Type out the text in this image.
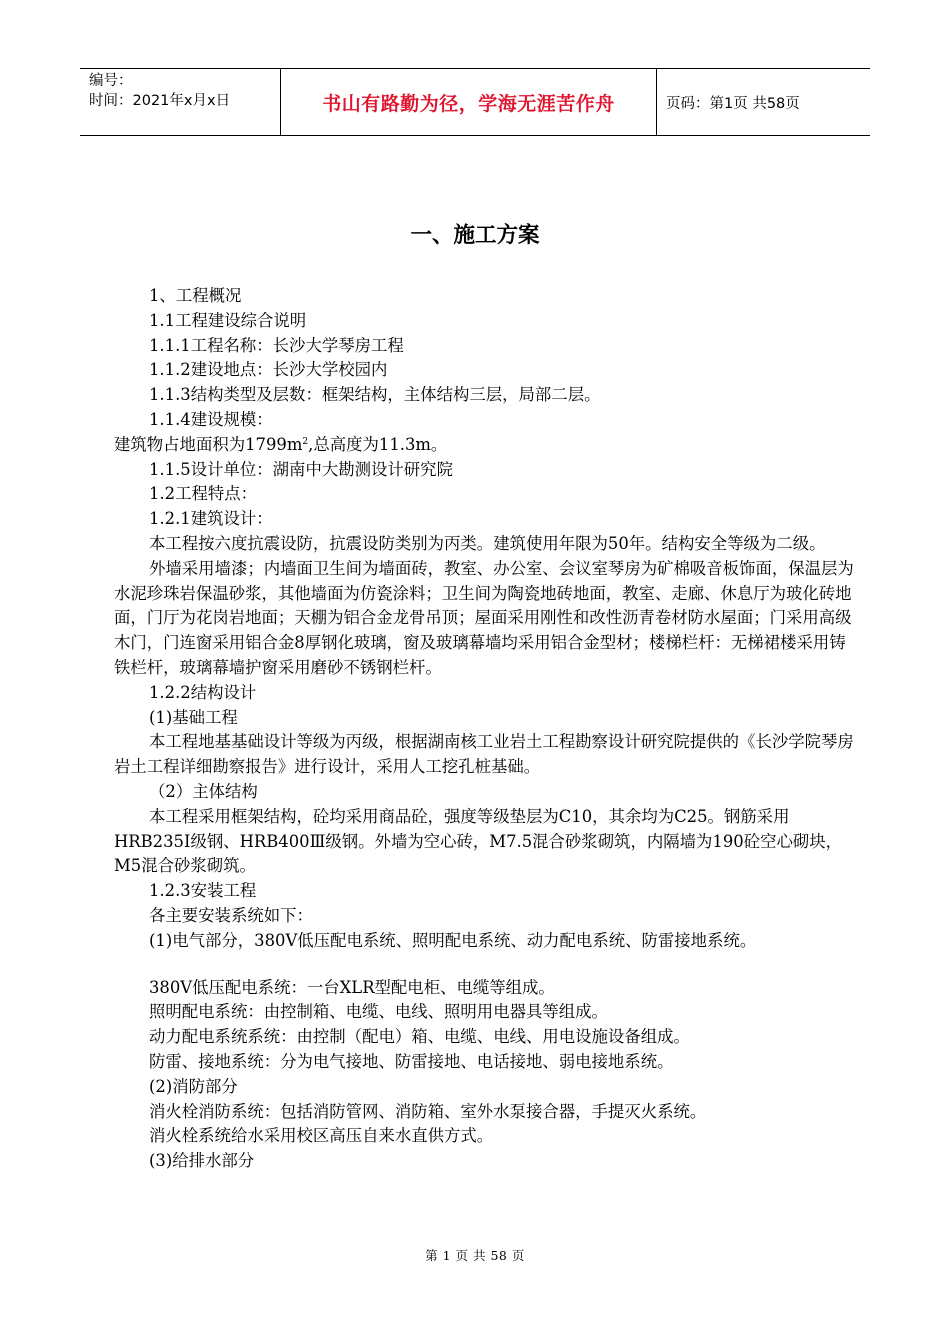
编号：
时间：2021年x月x日	书山有路勤为径，学海无涯苦作舟	页码：第1页 共58页
一、施工方案

1、工程概况

1.1工程建设综合说明

1.1.1工程名称：长沙大学琴房工程

1.1.2建设地点：长沙大学校园内

1.1.3结构类型及层数：框架结构，主体结构三层，局部二层。

1.1.4建设规模：

建筑物占地面积为$1799m^2$,总高度为11.3m。

1.1.5设计单位：湖南中大勘测设计研究院

1.2工程特点：

1.2.1建筑设计：

本工程按六度抗震设防，抗震设防类别为丙类。建筑使用年限为50年。结构安全等级为二级。

外墙采用墙漆；内墙面卫生间为墙面砖，教室、办公室、会议室琴房为矿棉吸音板饰面，保温层为水泥珍珠岩保温砂浆，其他墙面为仿瓷涂料；卫生间为陶瓷地砖地面，教室、走廊、休息厅为玻化砖地面，门厅为花岗岩地面；天棚为铝合金龙骨吊顶；屋面采用刚性和改性沥青卷材防水屋面；门采用高级木门，门连窗采用铝合金8厚钢化玻璃，窗及玻璃幕墙均采用铝合金型材；楼梯栏杆：无梯裙楼采用铸铁栏杆，玻璃幕墙护窗采用磨砂不锈钢栏杆。

1.2.2结构设计

(1)基础工程

本工程地基基础设计等级为丙级，根据湖南核工业岩土工程勘察设计研究院提供的《长沙学院琴房岩土工程详细勘察报告》进行设计，采用人工挖孔桩基础。

（2）主体结构

本工程采用框架结构，砼均采用商品砼，强度等级垫层为C10，其余均为C25。钢筋采用HRB235Ⅰ级钢、HRB400Ⅲ级钢。外墙为空心砖，M7.5混合砂浆砌筑，内隔墙为190砼空心砌块，M5混合砂浆砌筑。

1.2.3安装工程

各主要安装系统如下：

(1)电气部分，380V低压配电系统、照明配电系统、动力配电系统、防雷接地系统。

380V低压配电系统：一台XLR型配电柜、电缆等组成。

照明配电系统：由控制箱、电缆、电线、照明用电器具等组成。

动力配电系统系统：由控制（配电）箱、电缆、电线、用电设施设备组成。

防雷、接地系统：分为电气接地、防雷接地、电话接地、弱电接地系统。

(2)消防部分

消火栓消防系统：包括消防管网、消防箱、室外水泵接合器，手提灭火系统。

消火栓系统给水采用校区高压自来水直供方式。

(3)给排水部分

第 1 页 共 58 页
